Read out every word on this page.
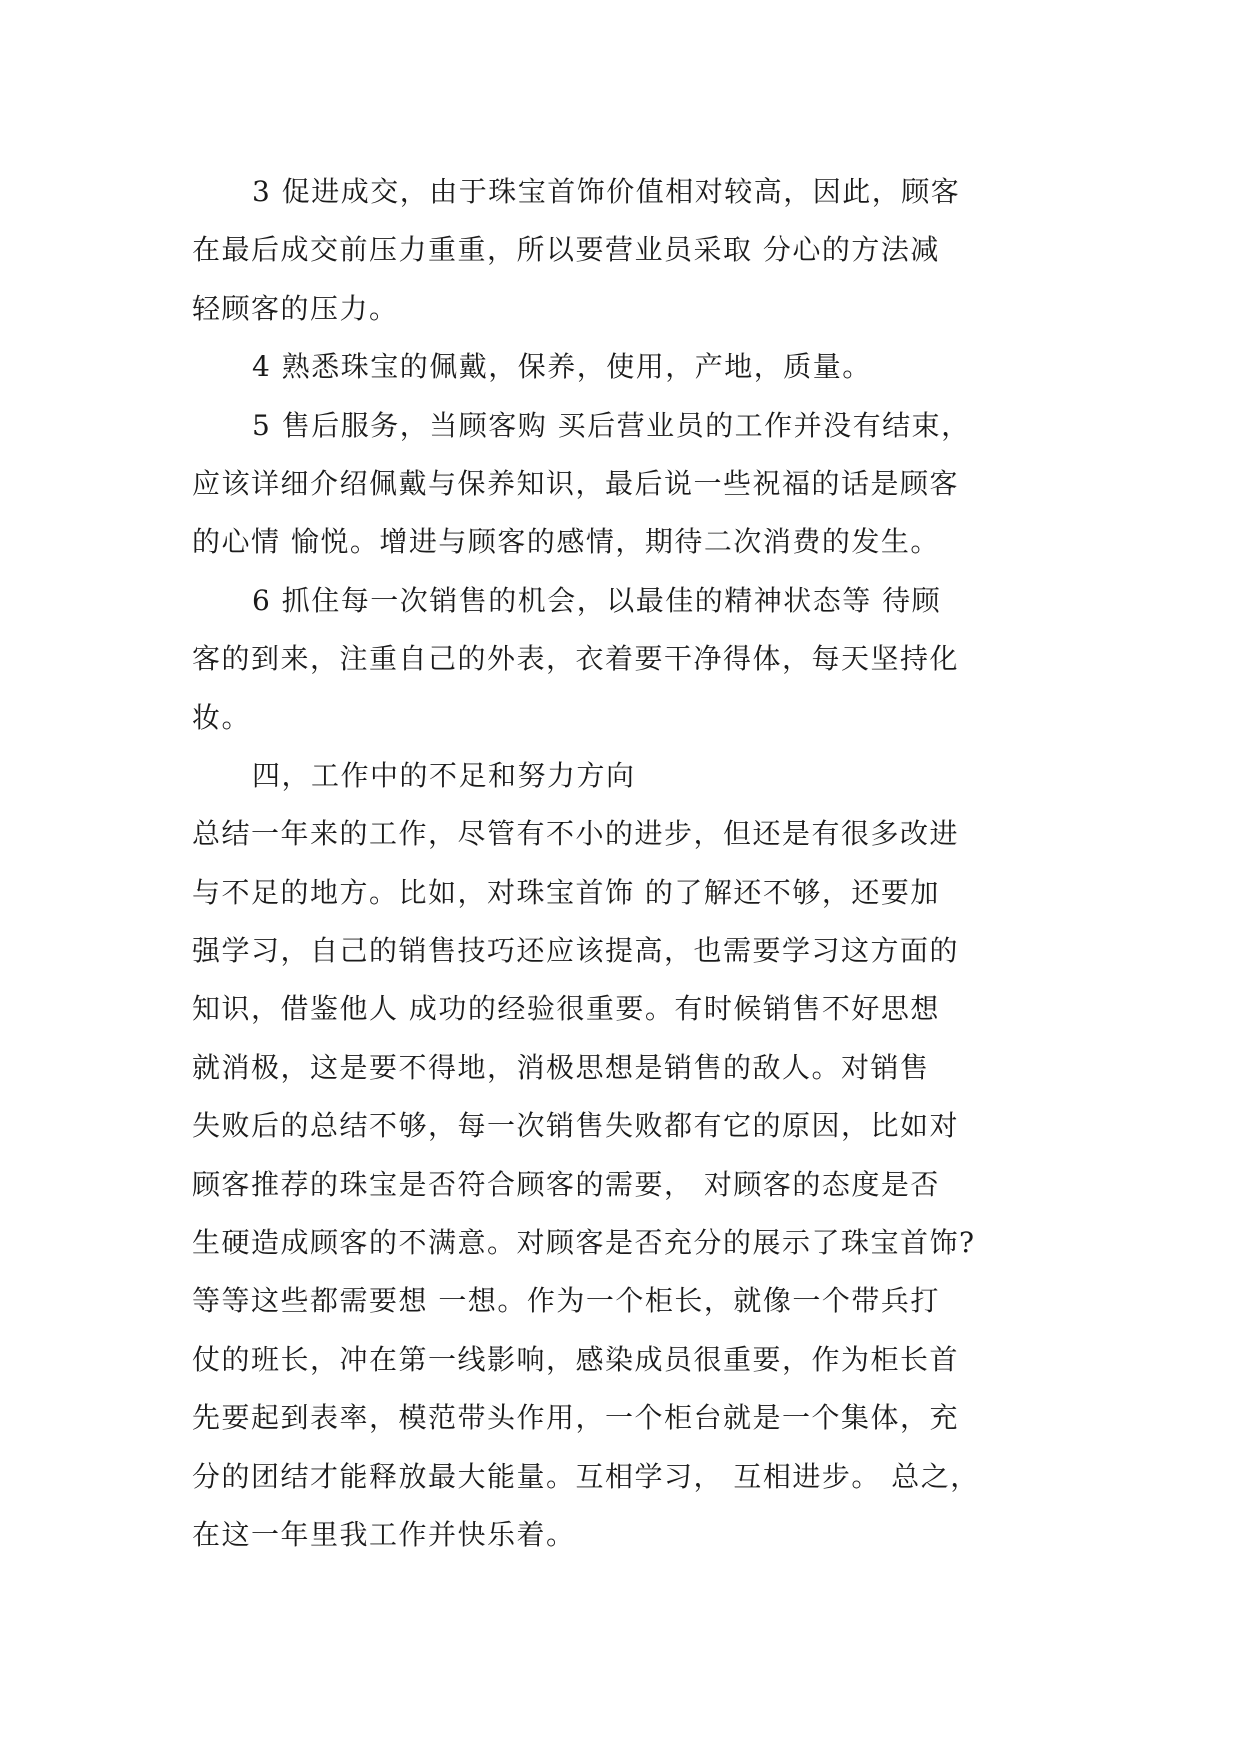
3 促进成交，由于珠宝首饰价值相对较高，因此，顾客
在最后成交前压力重重，所以要营业员采取 分心的方法减
轻顾客的压力。
4 熟悉珠宝的佩戴，保养，使用，产地，质量。
5 售后服务，当顾客购 买后营业员的工作并没有结束，
应该详细介绍佩戴与保养知识，最后说一些祝福的话是顾客
的心情 愉悦。增进与顾客的感情，期待二次消费的发生。
6 抓住每一次销售的机会，以最佳的精神状态等 待顾
客的到来，注重自己的外表，衣着要干净得体，每天坚持化
妆。
四，工作中的不足和努力方向
总结一年来的工作，尽管有不小的进步，但还是有很多改进
与不足的地方。比如，对珠宝首饰 的了解还不够，还要加
强学习，自己的销售技巧还应该提高，也需要学习这方面的
知识，借鉴他人 成功的经验很重要。有时候销售不好思想
就消极，这是要不得地，消极思想是销售的敌人。对销售
失败后的总结不够，每一次销售失败都有它的原因，比如对
顾客推荐的珠宝是否符合顾客的需要， 对顾客的态度是否
生硬造成顾客的不满意。对顾客是否充分的展示了珠宝首饰?
等等这些都需要想 一想。作为一个柜长，就像一个带兵打
仗的班长，冲在第一线影响，感染成员很重要，作为柜长首
先要起到表率，模范带头作用，一个柜台就是一个集体，充
分的团结才能释放最大能量。互相学习， 互相进步。 总之，
在这一年里我工作并快乐着。
